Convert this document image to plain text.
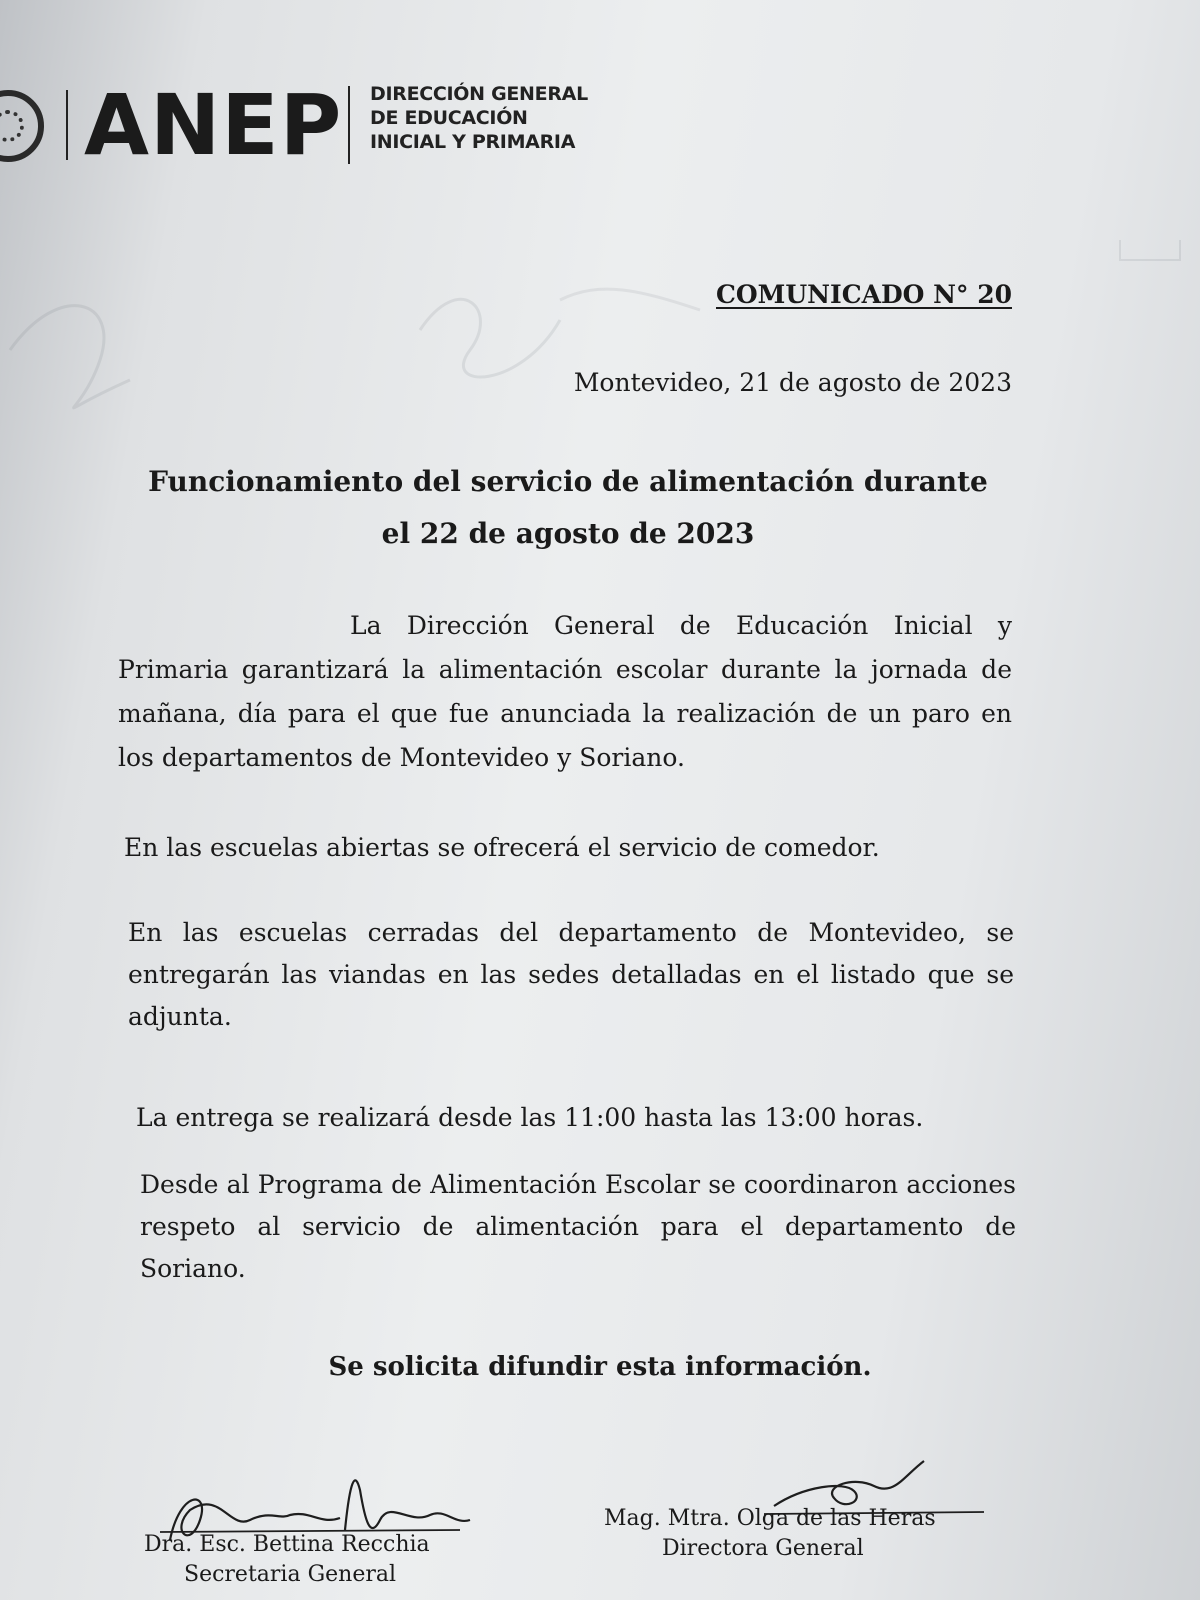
ANEP DIRECCIÓN GENERAL
DE EDUCACIÓN
INICIAL Y PRIMARIA
COMUNICADO N° 20
Montevideo, 21 de agosto de 2023
Funcionamiento del servicio de alimentación durante
el 22 de agosto de 2023
La Dirección General de Educación Inicial y Primaria garantizará la alimentación escolar durante la jornada de mañana, día para el que fue anunciada la realización de un paro en los departamentos de Montevideo y Soriano.
En las escuelas abiertas se ofrecerá el servicio de comedor.
En las escuelas cerradas del departamento de Montevideo, se entregarán las viandas en las sedes detalladas en el listado que se adjunta.
La entrega se realizará desde las 11:00 hasta las 13:00 horas.
Desde al Programa de Alimentación Escolar se coordinaron acciones respeto al servicio de alimentación para el departamento de Soriano.
Se solicita difundir esta información.
Dra. Esc. Bettina Recchia
Secretaria General
Mag. Mtra. Olga de las Heras
Directora General
